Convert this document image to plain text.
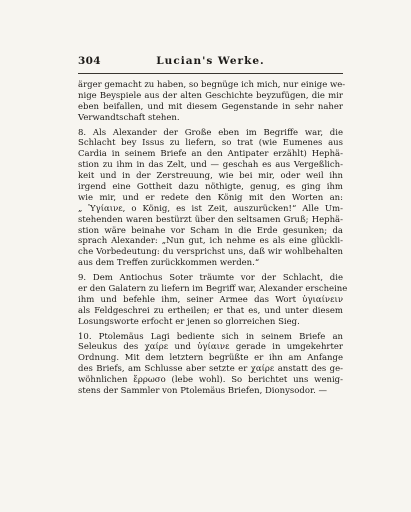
304	Lucian's Werke.
ärger gemacht zu haben, so begnüge ich mich, nur einige we-
nige Beyspiele aus der alten Geschichte beyzufügen, die mir
eben beifallen, und mit diesem Gegenstande in sehr naher
Verwandtschaft stehen.
8. Als Alexander der Große eben im Begriffe war, die
Schlacht bey Issus zu liefern, so trat (wie Eumenes aus
Cardia in seinem Briefe an den Antipater erzählt) Hephä-
stion zu ihm in das Zelt, und — geschah es aus Vergeßlich-
keit und in der Zerstreuung, wie bei mir, oder weil ihn
irgend eine Gottheit dazu nöthigte, genug, es ging ihm
wie mir, und er redete den König mit den Worten an:
„ Ὑγίαινε, o König, es ist Zeit, auszurücken!“ Alle Um-
stehenden waren bestürzt über den seltsamen Gruß; Hephä-
stion wäre beinahe vor Scham in die Erde gesunken; da
sprach Alexander: „Nun gut, ich nehme es als eine glückli-
che Vorbedeutung: du versprichst uns, daß wir wohlbehalten
aus dem Treffen zurückkommen werden.“
9. Dem Antiochus Soter träumte vor der Schlacht, die
er den Galatern zu liefern im Begriff war, Alexander erscheine
ihm und befehle ihm, seiner Armee das Wort ὑγιαίνειν
als Feldgeschrei zu ertheilen; er that es, und unter diesem
Losungsworte erfocht er jenen so glorreichen Sieg.
10. Ptolemäus Lagi bediente sich in seinem Briefe an
Seleukus des χαίρε und ὑγίαινε gerade in umgekehrter
Ordnung. Mit dem letztern begrüßte er ihn am Anfange
des Briefs, am Schlusse aber setzte er χαίρε anstatt des ge-
wöhnlichen ἔρρωσο (lebe wohl). So berichtet uns wenig-
stens der Sammler von Ptolemäus Briefen, Dionysodor. —
